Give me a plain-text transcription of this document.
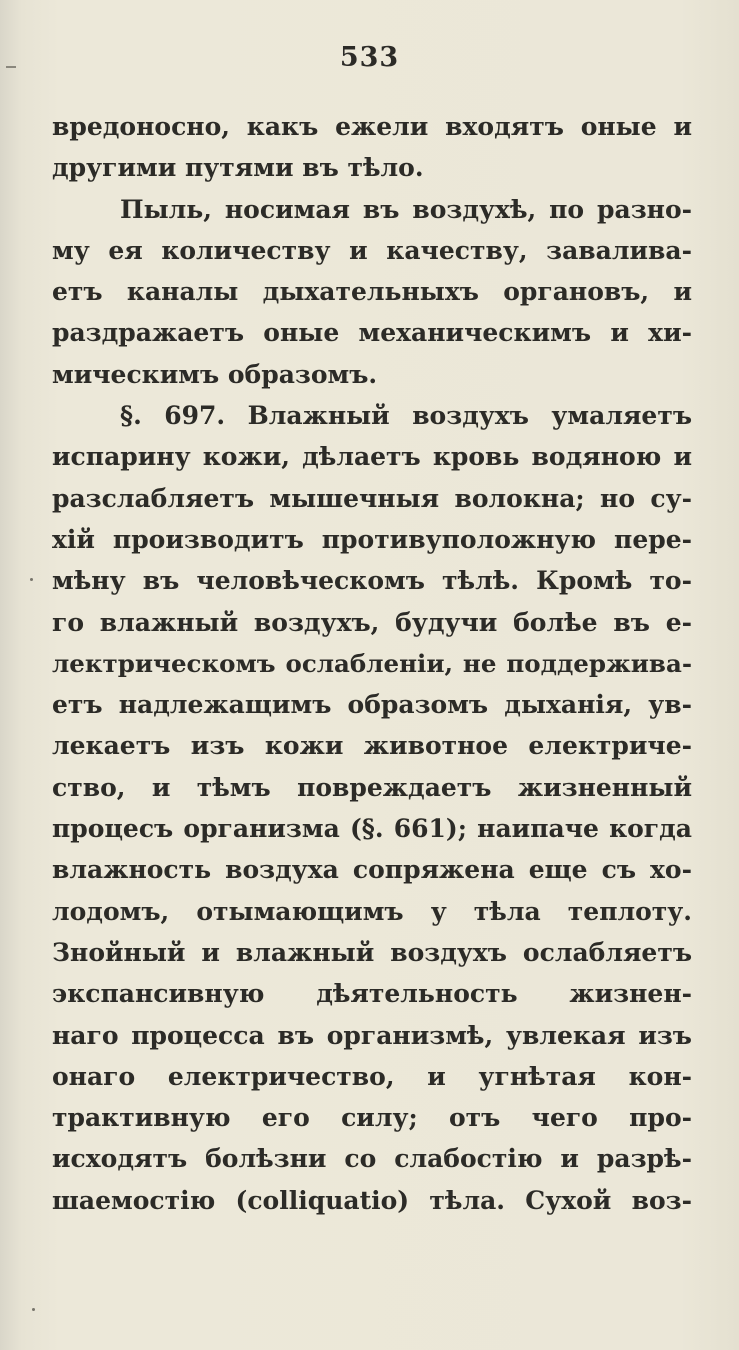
533
вредоносно, какъ ежели входятъ оные и
другими путями въ тѣло.
Пыль, носимая въ воздухѣ, по разно-
му ея количеству и качеству, завалива-
етъ каналы дыхательныхъ органовъ, и
раздражаетъ оные механическимъ и хи-
мическимъ образомъ.
§. 697. Влажный воздухъ умаляетъ
испарину кожи, дѣлаетъ кровь водяною и
разслабляетъ мышечныя волокна; но су-
хій производитъ противуположную пере-
мѣну въ человѣческомъ тѣлѣ. Кромѣ то-
го влажный воздухъ, будучи болѣе въ е-
лектрическомъ ослабленіи, не поддержива-
етъ надлежащимъ образомъ дыханія, ув-
лекаетъ изъ кожи животное електриче-
ство, и тѣмъ повреждаетъ жизненный
процесъ организма (§. 661); наипаче когда
влажность воздуха сопряжена еще съ хо-
лодомъ, отымающимъ у тѣла теплоту.
Знойный и влажный воздухъ ослабляетъ
экспансивную дѣятельность жизнен-
наго процесса въ организмѣ, увлекая изъ
онаго електричество, и угнѣтая кон-
трактивную его силу; отъ чего про-
исходятъ болѣзни со слабостію и разрѣ-
шаемостію (colliquatio) тѣла. Сухой воз-
